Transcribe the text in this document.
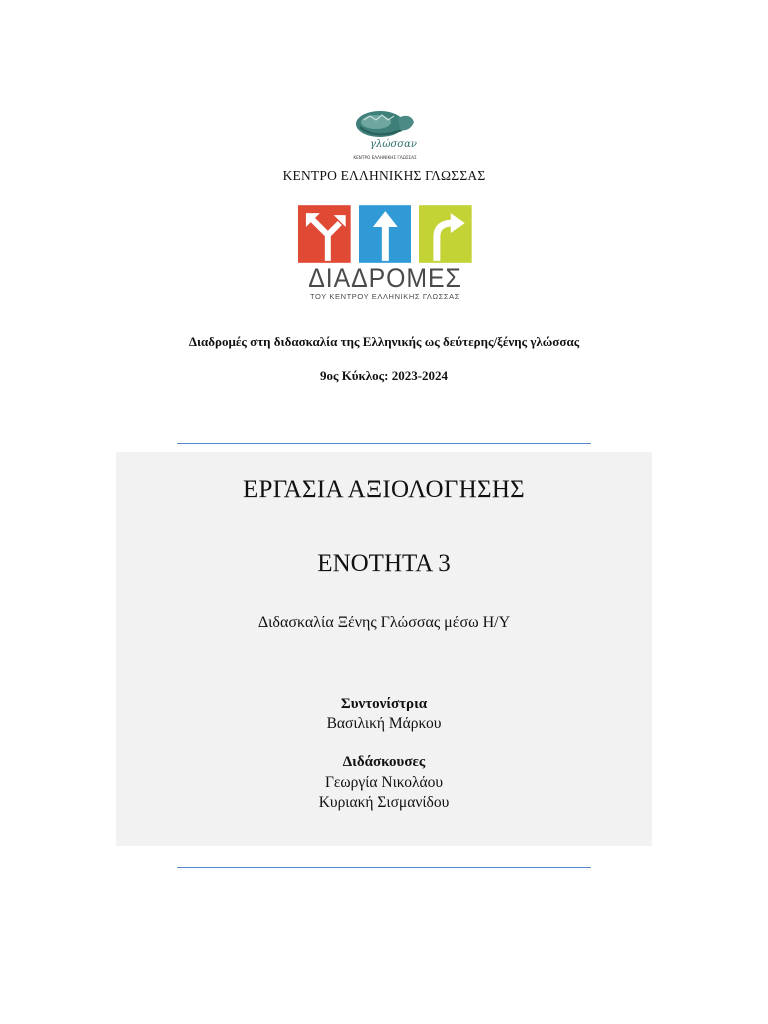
γλώσσαν
ΚΕΝΤΡΟ ΕΛΛΗΝΙΚΗΣ ΓΛΩΣΣΑΣ
ΚΕΝΤΡΟ ΕΛΛΗΝΙΚΗΣ ΓΛΩΣΣΑΣ
ΔΙΑΔΡΟΜΕΣ
ΤΟΥ ΚΕΝΤΡΟΥ ΕΛΛΗΝΙΚΗΣ ΓΛΩΣΣΑΣ
Διαδρομές στη διδασκαλία της Ελληνικής ως δεύτερης/ξένης γλώσσας
9ος Κύκλος: 2023-2024
ΕΡΓΑΣΙΑ ΑΞΙΟΛΟΓΗΣΗΣ
ΕΝΟΤΗΤΑ 3
Διδασκαλία Ξένης Γλώσσας μέσω Η/Υ
Συντονίστρια
Βασιλική Μάρκου
Διδάσκουσες
Γεωργία Νικολάου
Κυριακή Σισμανίδου
